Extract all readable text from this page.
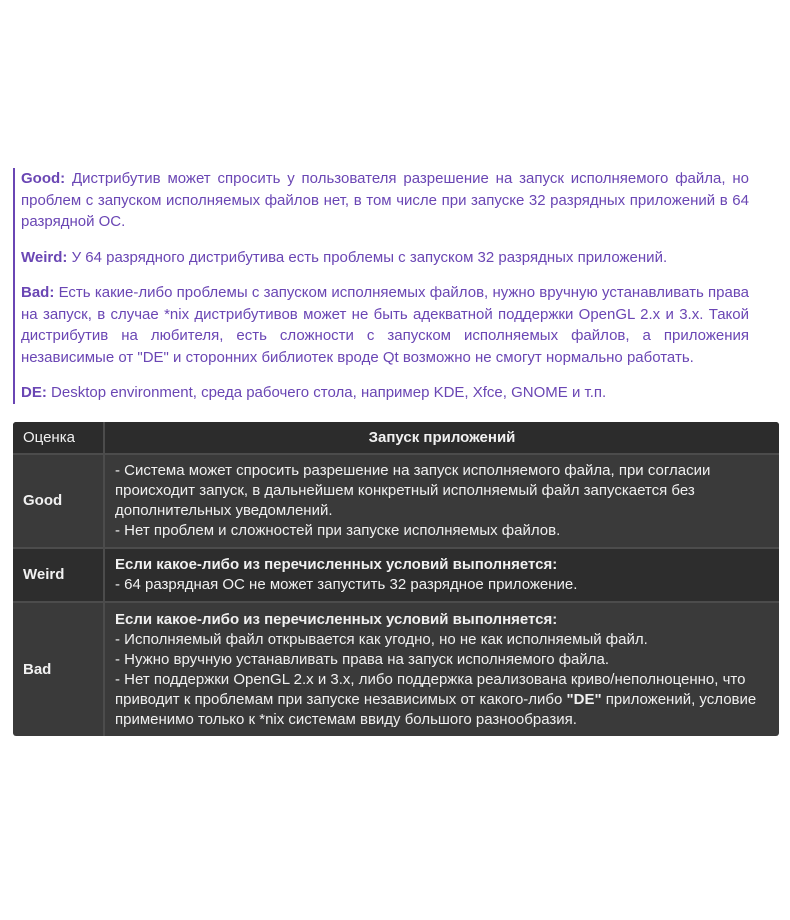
Good: Дистрибутив может спросить у пользователя разрешение на запуск исполняемого файла, но проблем с запуском исполняемых файлов нет, в том числе при запуске 32 разрядных приложений в 64 разрядной ОС.

Weird: У 64 разрядного дистрибутива есть проблемы с запуском 32 разрядных приложений.

Bad: Есть какие-либо проблемы с запуском исполняемых файлов, нужно вручную устанавливать права на запуск, в случае *nix дистрибутивов может не быть адекватной поддержки OpenGL 2.x и 3.x. Такой дистрибутив на любителя, есть сложности с запуском исполняемых файлов, а приложения независимые от "DE" и сторонних библиотек вроде Qt возможно не смогут нормально работать.

DE: Desktop environment, среда рабочего стола, например KDE, Xfce, GNOME и т.п.

Оценка	Запуск приложений
Good	- Система может спросить разрешение на запуск исполняемого файла, при согласии происходит запуск, в дальнейшем конкретный исполняемый файл запускается без дополнительных уведомлений.
- Нет проблем и сложностей при запуске исполняемых файлов.

Weird	Если какое-либо из перечисленных условий выполняется:
- 64 разрядная ОС не может запустить 32 разрядное приложение.

Bad	Если какое-либо из перечисленных условий выполняется:
- Исполняемый файл открывается как угодно, но не как исполняемый файл.
- Нужно вручную устанавливать права на запуск исполняемого файла.
- Нет поддержки OpenGL 2.x и 3.x, либо поддержка реализована криво/неполноценно, что приводит к проблемам при запуске независимых от какого-либо "DE" приложений, условие применимо только к *nix системам ввиду большого разнообразия.
